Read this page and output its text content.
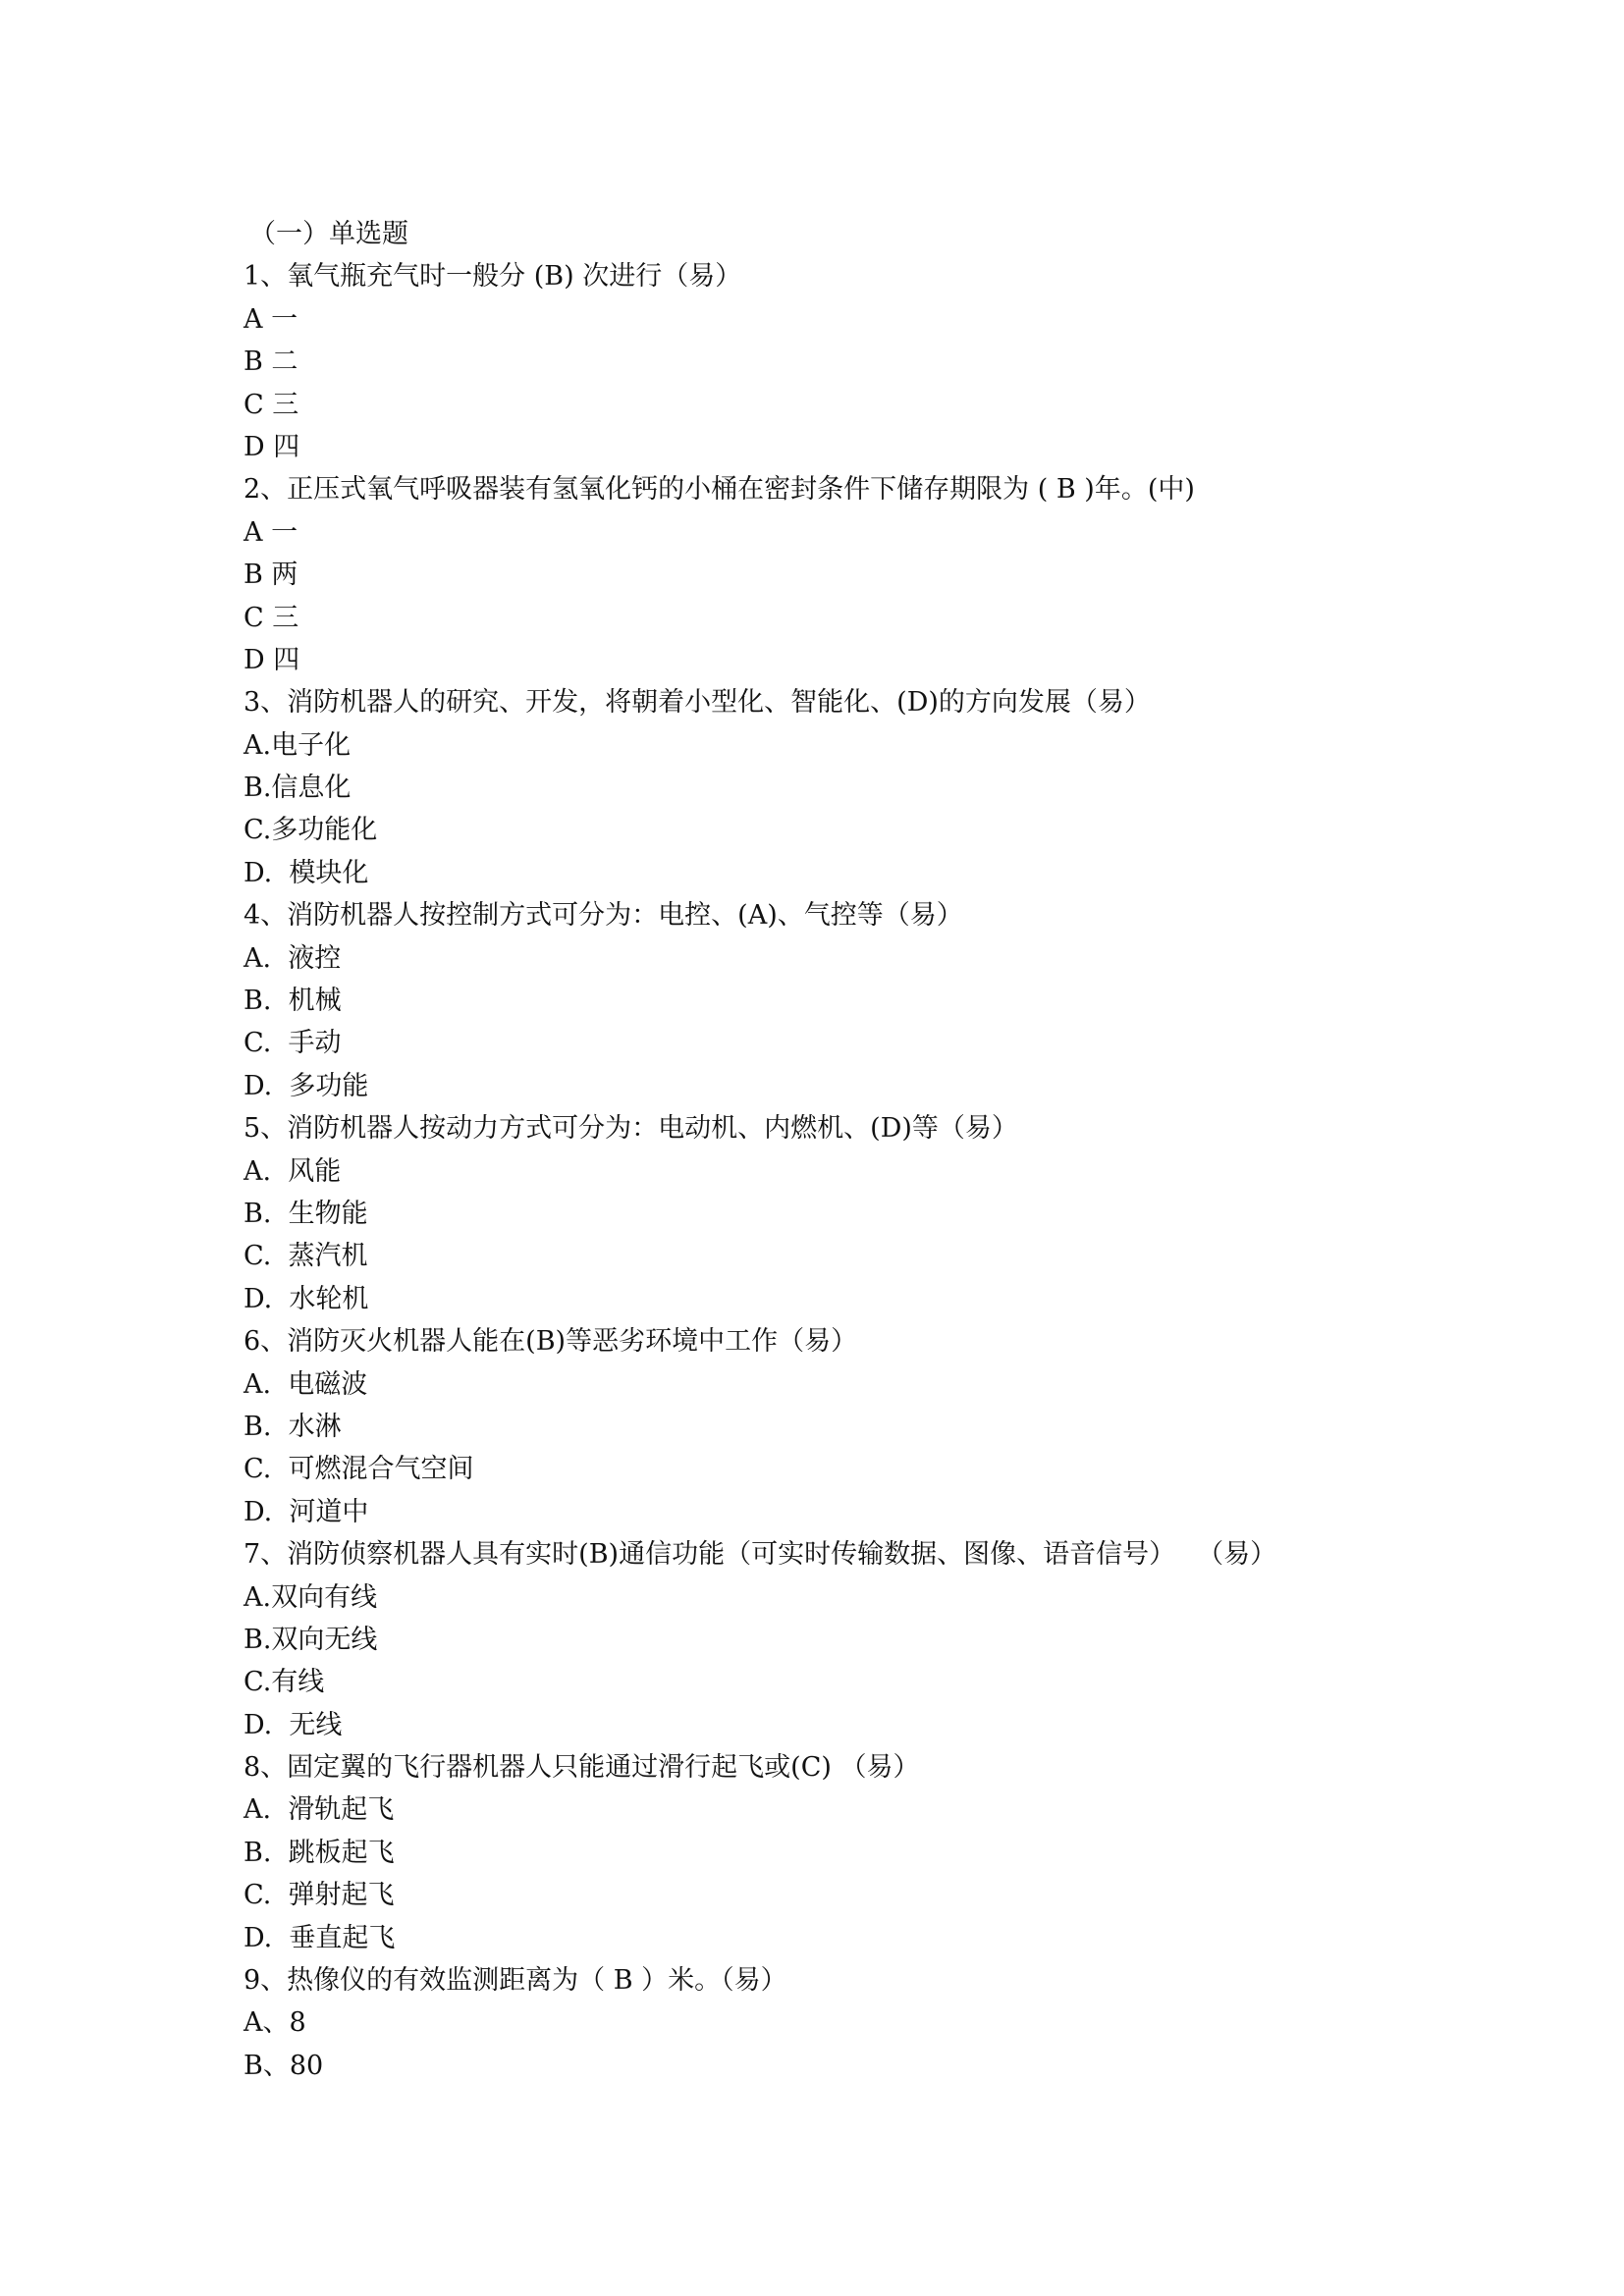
（一）单选题
1、氧气瓶充气时一般分 (B) 次进行（易）
A 一
B 二
C 三
D 四
2、正压式氧气呼吸器装有氢氧化钙的小桶在密封条件下储存期限为 ( B )年。(中)
A 一
B 两
C 三
D 四
3、消防机器人的研究、开发，将朝着小型化、智能化、(D)的方向发展（易）
A.电子化
B.信息化
C.多功能化
D.  模块化
4、消防机器人按控制方式可分为：电控、(A)、气控等（易）
A.  液控
B.  机械
C.  手动
D.  多功能
5、消防机器人按动力方式可分为：电动机、内燃机、(D)等（易）
A.  风能
B.  生物能
C.  蒸汽机
D.  水轮机
6、消防灭火机器人能在(B)等恶劣环境中工作（易）
A.  电磁波
B.  水淋
C.  可燃混合气空间
D.  河道中
7、消防侦察机器人具有实时(B)通信功能（可实时传输数据、图像、语音信号）　 （易）
A.双向有线
B.双向无线
C.有线
D.  无线
8、固定翼的飞行器机器人只能通过滑行起飞或(C) （易）
A.  滑轨起飞
B.  跳板起飞
C.  弹射起飞
D.  垂直起飞
9、热像仪的有效监测距离为（ B ）米。（易）
A、8
B、80
